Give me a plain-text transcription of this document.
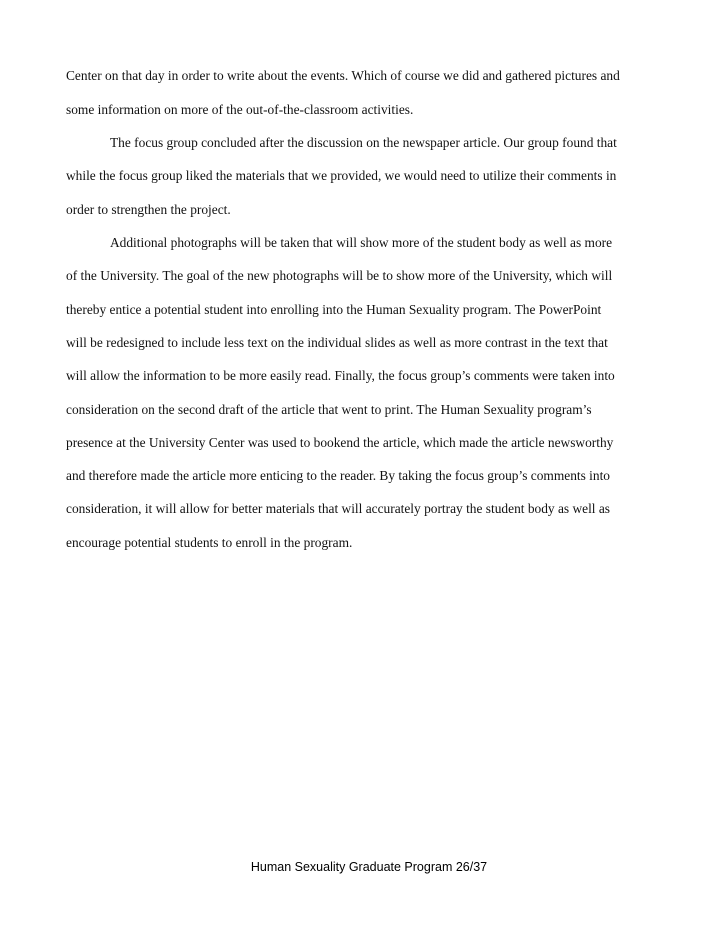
Center on that day in order to write about the events. Which of course we did and gathered pictures and
some information on more of the out-of-the-classroom activities.
The focus group concluded after the discussion on the newspaper article. Our group found that
while the focus group liked the materials that we provided, we would need to utilize their comments in
order to strengthen the project.
Additional photographs will be taken that will show more of the student body as well as more
of the University. The goal of the new photographs will be to show more of the University, which will
thereby entice a potential student into enrolling into the Human Sexuality program. The PowerPoint
will be redesigned to include less text on the individual slides as well as more contrast in the text that
will allow the information to be more easily read. Finally, the focus group’s comments were taken into
consideration on the second draft of the article that went to print. The Human Sexuality program’s
presence at the University Center was used to bookend the article, which made the article newsworthy
and therefore made the article more enticing to the reader. By taking the focus group’s comments into
consideration, it will allow for better materials that will accurately portray the student body as well as
encourage potential students to enroll in the program.
Human Sexuality Graduate Program 26/37
